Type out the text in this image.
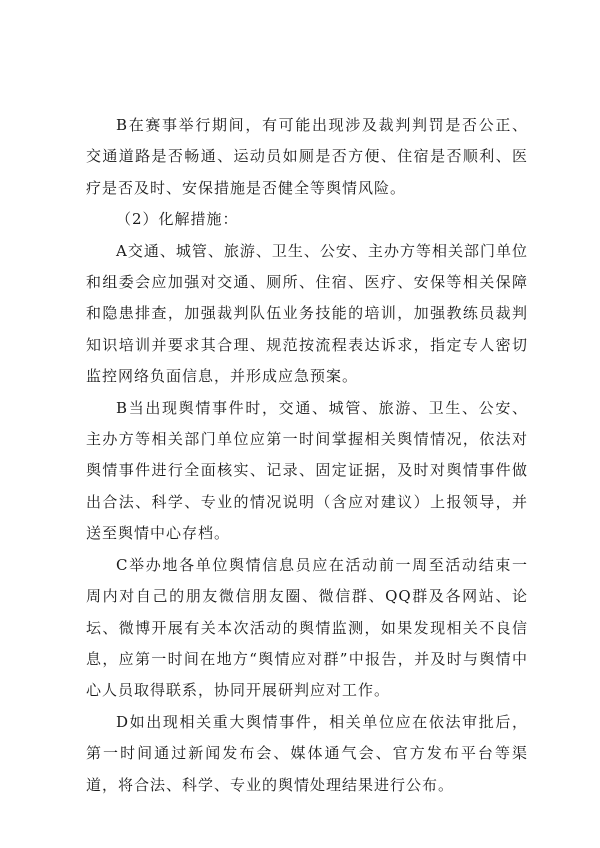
B在赛事举行期间，有可能出现涉及裁判判罚是否公正、交通道路是否畅通、运动员如厕是否方便、住宿是否顺利、医疗是否及时、安保措施是否健全等舆情风险。

（2）化解措施：

A交通、城管、旅游、卫生、公安、主办方等相关部门单位和组委会应加强对交通、厕所、住宿、医疗、安保等相关保障和隐患排查，加强裁判队伍业务技能的培训，加强教练员裁判知识培训并要求其合理、规范按流程表达诉求，指定专人密切监控网络负面信息，并形成应急预案。

B当出现舆情事件时，交通、城管、旅游、卫生、公安、主办方等相关部门单位应第一时间掌握相关舆情情况，依法对舆情事件进行全面核实、记录、固定证据，及时对舆情事件做出合法、科学、专业的情况说明（含应对建议）上报领导，并送至舆情中心存档。

C举办地各单位舆情信息员应在活动前一周至活动结束一周内对自己的朋友微信朋友圈、微信群、QQ群及各网站、论坛、微博开展有关本次活动的舆情监测，如果发现相关不良信息，应第一时间在地方“舆情应对群”中报告，并及时与舆情中心人员取得联系，协同开展研判应对工作。

D如出现相关重大舆情事件，相关单位应在依法审批后，第一时间通过新闻发布会、媒体通气会、官方发布平台等渠道，将合法、科学、专业的舆情处理结果进行公布。
